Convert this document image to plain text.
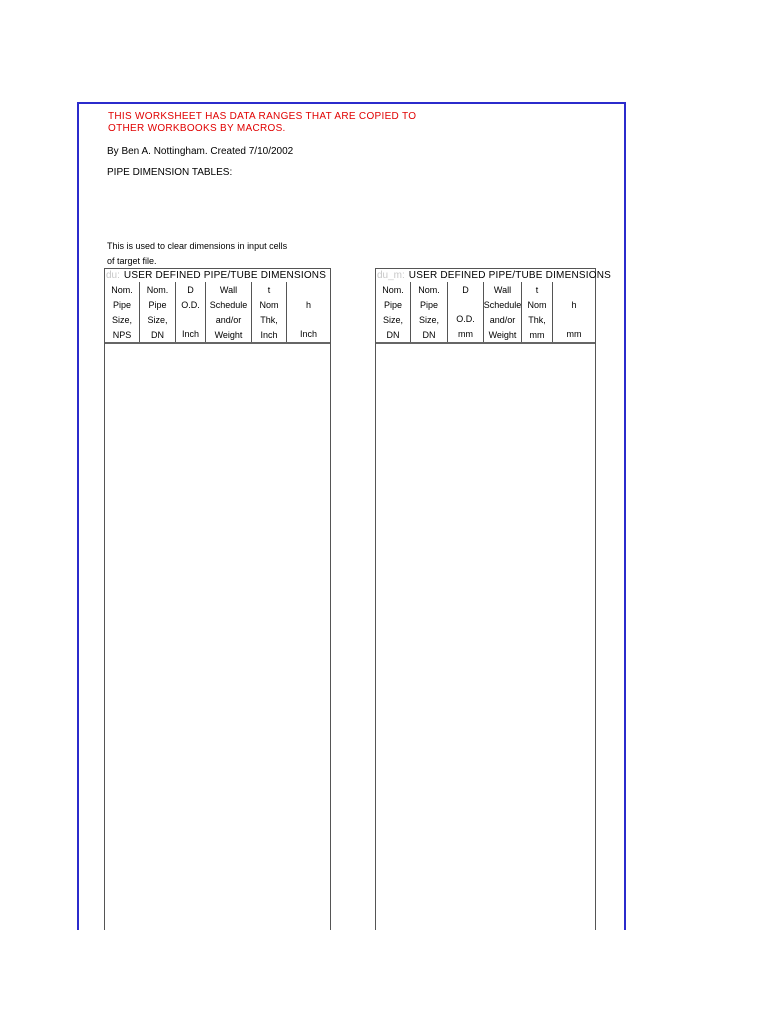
THIS WORKSHEET HAS DATA RANGES THAT ARE COPIED TO
OTHER WORKBOOKS BY MACROS.
By Ben A. Nottingham. Created 7/10/2002
PIPE DIMENSION TABLES:
This is used to clear dimensions in input cells
of target file.
du: USER DEFINED PIPE/TUBE DIMENSIONS
Nom.
Pipe
Size,
NPS
Nom.
Pipe
Size,
DN
D
O.D.
Inch
Wall
Schedule
and/or
Weight
t
Nom
Thk,
Inch
h
Inch
du_m: USER DEFINED PIPE/TUBE DIMENSIONS
Nom.
Pipe
Size,
DN
Nom.
Pipe
Size,
DN
D
O.D.
mm
Wall
Schedule
and/or
Weight
t
Nom
Thk,
mm
h
mm
